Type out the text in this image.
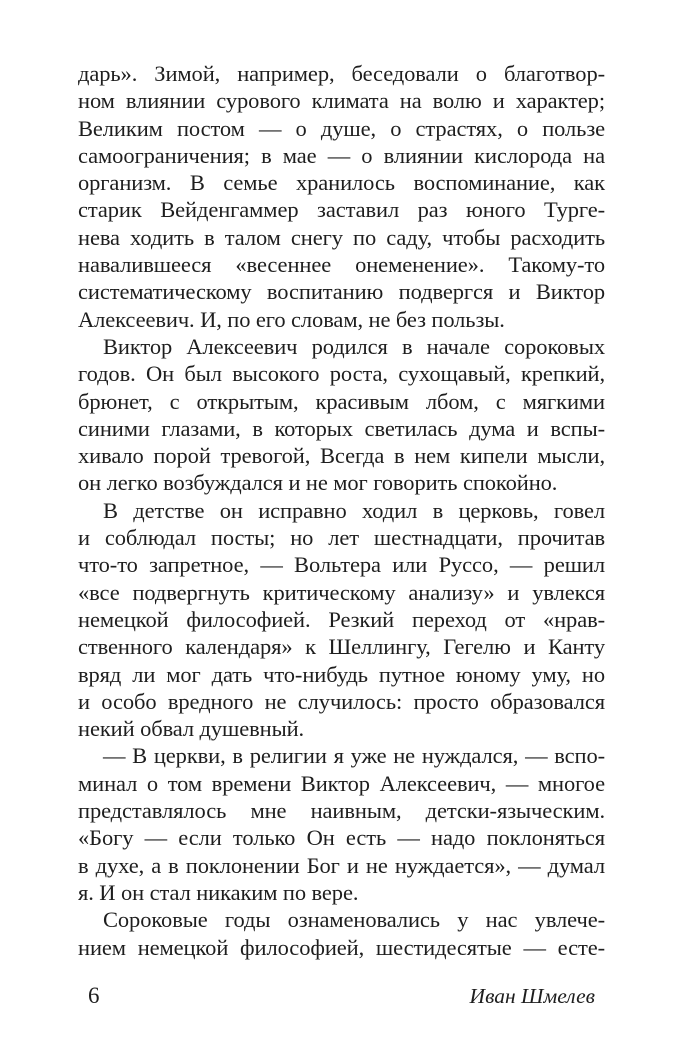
дарь». Зимой, например, беседовали о благотвор-
ном влиянии сурового климата на волю и характер;
Великим постом — о душе, о страстях, о пользе
самоограничения; в мае — о влиянии кислорода на
организм. В семье хранилось воспоминание, как
старик Вейденгаммер заставил раз юного Турге-
нева ходить в талом снегу по саду, чтобы расходить
навалившееся «весеннее онеменение». Такому-то
систематическому воспитанию подвергся и Виктор
Алексеевич. И, по его словам, не без пользы.
Виктор Алексеевич родился в начале сороковых
годов. Он был высокого роста, сухощавый, крепкий,
брюнет, с открытым, красивым лбом, с мягкими
синими глазами, в которых светилась дума и вспы-
хивало порой тревогой, Всегда в нем кипели мысли,
он легко возбуждался и не мог говорить спокойно.
В детстве он исправно ходил в церковь, говел
и соблюдал посты; но лет шестнадцати, прочитав
что-то запретное, — Вольтера или Руссо, — решил
«все подвергнуть критическому анализу» и увлекся
немецкой философией. Резкий переход от «нрав-
ственного календаря» к Шеллингу, Гегелю и Канту
вряд ли мог дать что-нибудь путное юному уму, но
и особо вредного не случилось: просто образовался
некий обвал душевный.
— В церкви, в религии я уже не нуждался, — вспо-
минал о том времени Виктор Алексеевич, — многое
представлялось мне наивным, детски-языческим.
«Богу — если только Он есть — надо поклоняться
в духе, а в поклонении Бог и не нуждается», — думал
я. И он стал никаким по вере.
Сороковые годы ознаменовались у нас увлече-
нием немецкой философией, шестидесятые — есте-
6	Иван Шмелев
